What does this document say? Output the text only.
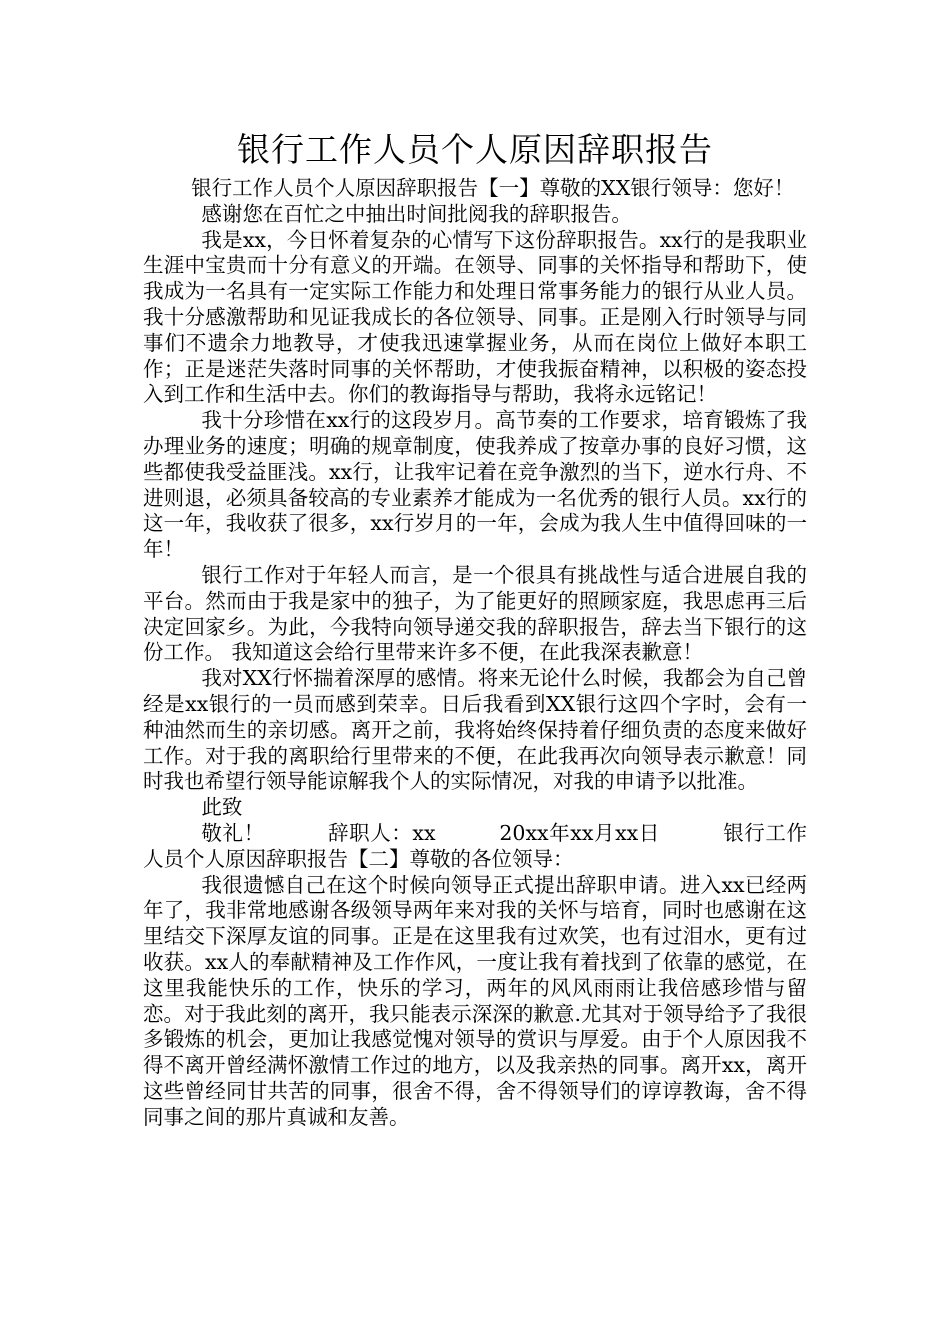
银行工作人员个人原因辞职报告

银行工作人员个人原因辞职报告【一】尊敬的XX银行领导：您好！

感谢您在百忙之中抽出时间批阅我的辞职报告。

我是xx，今日怀着复杂的心情写下这份辞职报告。xx行的是我职业生涯中宝贵而十分有意义的开端。在领导、同事的关怀指导和帮助下，使我成为一名具有一定实际工作能力和处理日常事务能力的银行从业人员。我十分感激帮助和见证我成长的各位领导、同事。正是刚入行时领导与同事们不遗余力地教导，才使我迅速掌握业务，从而在岗位上做好本职工作；正是迷茫失落时同事的关怀帮助，才使我振奋精神，以积极的姿态投入到工作和生活中去。你们的教诲指导与帮助，我将永远铭记！

我十分珍惜在xx行的这段岁月。高节奏的工作要求，培育锻炼了我办理业务的速度；明确的规章制度，使我养成了按章办事的良好习惯，这些都使我受益匪浅。xx行，让我牢记着在竞争激烈的当下，逆水行舟、不进则退，必须具备较高的专业素养才能成为一名优秀的银行人员。xx行的这一年，我收获了很多，xx行岁月的一年，会成为我人生中值得回味的一年！

银行工作对于年轻人而言，是一个很具有挑战性与适合进展自我的平台。然而由于我是家中的独子，为了能更好的照顾家庭，我思虑再三后决定回家乡。为此，今我特向领导递交我的辞职报告，辞去当下银行的这份工作。 我知道这会给行里带来许多不便，在此我深表歉意！

我对XX行怀揣着深厚的感情。将来无论什么时候，我都会为自己曾经是xx银行的一员而感到荣幸。日后我看到XX银行这四个字时，会有一种油然而生的亲切感。离开之前，我将始终保持着仔细负责的态度来做好工作。对于我的离职给行里带来的不便，在此我再次向领导表示歉意！同时我也希望行领导能谅解我个人的实际情况，对我的申请予以批准。

此致

敬礼！　　　辞职人：xx　　　20xx年xx月xx日　　　银行工作人员个人原因辞职报告【二】尊敬的各位领导：

我很遗憾自己在这个时候向领导正式提出辞职申请。进入xx已经两年了，我非常地感谢各级领导两年来对我的关怀与培育，同时也感谢在这里结交下深厚友谊的同事。正是在这里我有过欢笑，也有过泪水，更有过收获。xx人的奉献精神及工作作风，一度让我有着找到了依靠的感觉，在这里我能快乐的工作，快乐的学习，两年的风风雨雨让我倍感珍惜与留恋。对于我此刻的离开，我只能表示深深的歉意.尤其对于领导给予了我很多锻炼的机会，更加让我感觉愧对领导的赏识与厚爱。由于个人原因我不得不离开曾经满怀激情工作过的地方，以及我亲热的同事。离开xx，离开这些曾经同甘共苦的同事，很舍不得，舍不得领导们的谆谆教诲，舍不得同事之间的那片真诚和友善。
